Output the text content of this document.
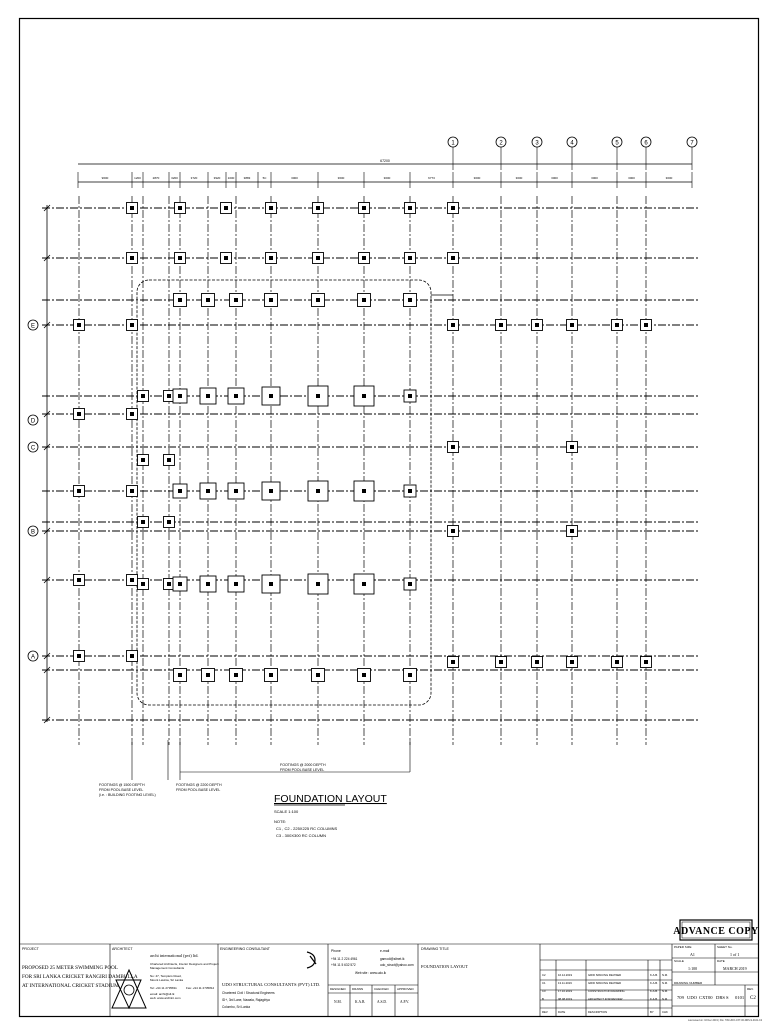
67200
9600	1200	2870	3200	3720	3920 1000	3883	5C	3000	3600	3000	6773	3000	3000	3000	3000	3000	3000
1	2	3	4	5	6	7
E
D
C
B
A
FOUNDATION LAYOUT
SCALE 1:100
NOTE:
C1 , C2 - 225X225 RC COLUMNS
C3 - 300X300 RC COLUMN
FOOTINGS @ 1500 DEPTH
FROM POOL BASE LEVEL
(i.e. : BUILDING FOOTING LEVEL)
FOOTINGS @ 2200 DEPTH
FROM POOL BASE LEVEL
FOOTINGS @ 2000 DEPTH
FROM POOL BASE LEVEL
ADVANCE COPY
PROJECT
PROPOSED 25 METER SWIMMING POOL
FOR SRI LANKA CRICKET RANGIRI DAMBULLA
AT INTERNATIONAL CRICKET STADIUM.
ARCHITECT
archi international (pvt) ltd.
Chartered Architects, Interior Designers and Project
Management Consultants
No: 47, Templers Road,
Mount Lavinia, Sri Lanka
Tel: +94 11 2735811	Fax: +94 11 2735812
email: archi@slt.lk
web: www.archiint.com
ENGINEERING CONSULTANT
UDO STRUCTURAL CONSULTANTS (PVT) LTD.
Chartered Civil / Structural Engineers
ID+, 3rd Lane, Nawala, Rajagiriya
Colombo, Sri Lanka
Phone
+94 11 2 224 4961
+94 11 5 632 572
e-mail
gamodi@sltnet.lk
udo_struct@yahoo.com
Web site : www.udo.lk
DESIGNED
N.M.
DRAWN
K.A.B.
CHECKED
A.S.D.
APPROVED
A.P.V.
DRAWING TITLE
FOUNDATION LAYOUT
C2	16.12.2019	GRID SPACING REVISED	K.A.B. N.M.
C1	13.11.2019	GRID SPACING REVISED	K.A.B. N.M.
C0	17.10.2019	CONSTRUCTION DRAWING	K.A.B. N.M.
B	08.08.2019	ARCHITECT FOR REVIEW	K.A.B. N.M.
REV	DATE	DESCRIPTION	BY	CHK
PAPER SIZE
A1
SHEET No.
1 of 1
SCALE
1:100
DATE
MARCH 2019
DRAWING NUMBER
REV.
709 UDO CXT 00 DRS S 0101 C2
Last saved on: 16 Dec 2019 | File: 709-UDO-CXT-00-DRS-S-0101-C2
